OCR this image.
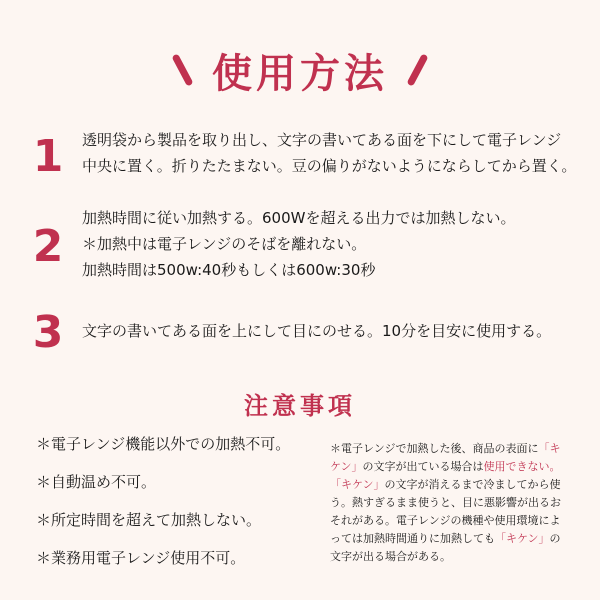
使用方法
1	透明袋から製品を取り出し、文字の書いてある面を下にして電子レンジ
中央に置く。折りたたまない。豆の偏りがないようにならしてから置く。
2
加熱時間に従い加熱する。600Wを超える出力では加熱しない。
＊加熱中は電子レンジのそばを離れない。
加熱時間は500w:40秒もしくは600w:30秒
3	文字の書いてある面を上にして目にのせる。10分を目安に使用する。
注意事項
＊電子レンジ機能以外での加熱不可。
＊自動温め不可。
＊所定時間を超えて加熱しない。
＊業務用電子レンジ使用不可。
＊電子レンジで加熱した後、商品の表面に「キ
ケン」の文字が出ている場合は使用できない。
「キケン」の文字が消えるまで冷ましてから使
う。熱すぎるまま使うと、目に悪影響が出るお
それがある。電子レンジの機種や使用環境によ
っては加熱時間通りに加熱しても「キケン」の
文字が出る場合がある。
